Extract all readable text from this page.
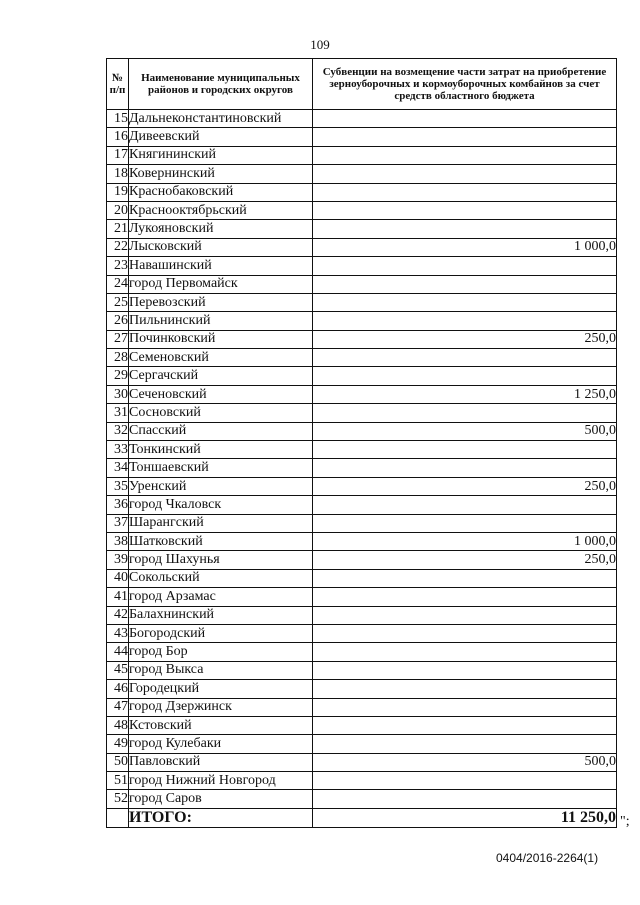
109
№ п/п	Наименование муниципальных районов и городских округов	Субвенции на возмещение части затрат на приобретение зерноуборочных и кормоуборочных комбайнов за счет средств областного бюджета
15	Дальнеконстантиновский	
16	Дивеевский	
17	Княгининский	
18	Ковернинский	
19	Краснобаковский	
20	Краснооктябрьский	
21	Лукояновский	
22	Лысковский	1 000,0
23	Навашинский	
24	город Первомайск	
25	Перевозский	
26	Пильнинский	
27	Починковский	250,0
28	Семеновский	
29	Сергачский	
30	Сеченовский	1 250,0
31	Сосновский	
32	Спасский	500,0
33	Тонкинский	
34	Тоншаевский	
35	Уренский	250,0
36	город Чкаловск	
37	Шарангский	
38	Шатковский	1 000,0
39	город Шахунья	250,0
40	Сокольский	
41	город Арзамас	
42	Балахнинский	
43	Богородский	
44	город Бор	
45	город Выкса	
46	Городецкий	
47	город Дзержинск	
48	Кстовский	
49	город Кулебаки	
50	Павловский	500,0
51	город Нижний Новгород	
52	город Саров	
	ИТОГО:	11 250,0 ";
0404/2016-2264(1)
